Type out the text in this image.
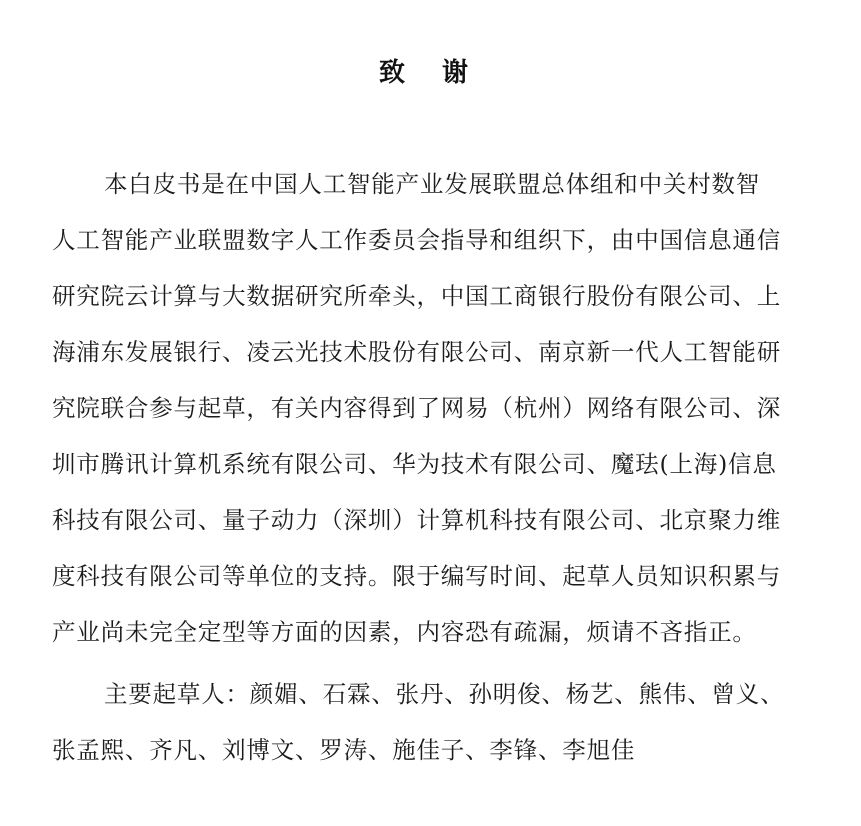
致 谢
本白皮书是在中国人工智能产业发展联盟总体组和中关村数智
人工智能产业联盟数字人工作委员会指导和组织下，由中国信息通信
研究院云计算与大数据研究所牵头，中国工商银行股份有限公司、上
海浦东发展银行、凌云光技术股份有限公司、南京新一代人工智能研
究院联合参与起草，有关内容得到了网易（杭州）网络有限公司、深
圳市腾讯计算机系统有限公司、华为技术有限公司、魔珐(上海)信息
科技有限公司、量子动力（深圳）计算机科技有限公司、北京聚力维
度科技有限公司等单位的支持。限于编写时间、起草人员知识积累与
产业尚未完全定型等方面的因素，内容恐有疏漏，烦请不吝指正。
主要起草人：颜媚、石霖、张丹、孙明俊、杨艺、熊伟、曾义、
张孟熙、齐凡、刘博文、罗涛、施佳子、李锋、李旭佳
